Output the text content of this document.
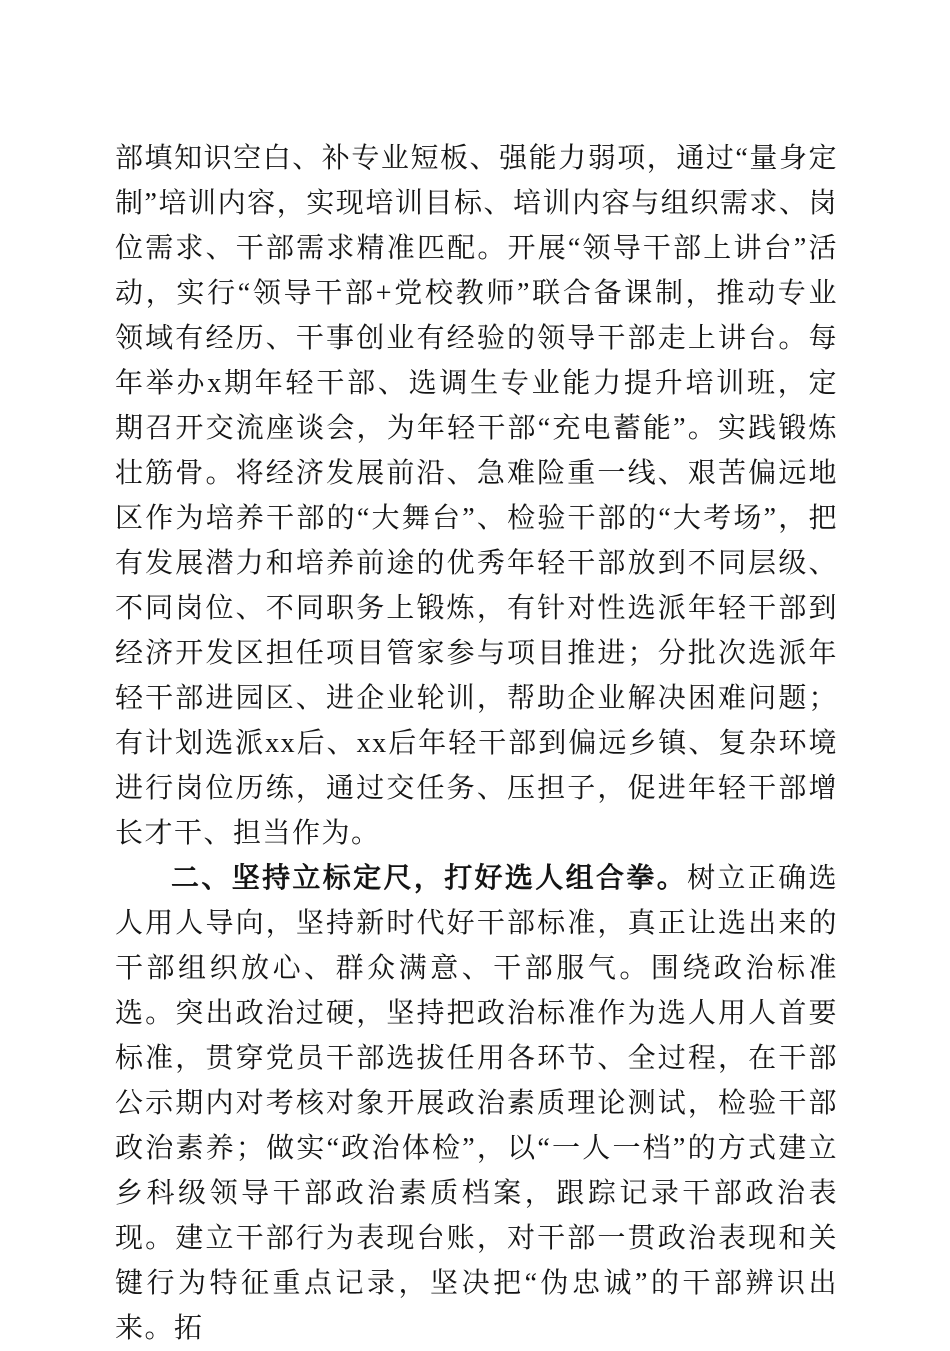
部填知识空白、补专业短板、强能力弱项，通过“量身定制”培训内容，实现培训目标、培训内容与组织需求、岗位需求、干部需求精准匹配。开展“领导干部上讲台”活动，实行“领导干部+党校教师”联合备课制，推动专业领域有经历、干事创业有经验的领导干部走上讲台。每年举办x期年轻干部、选调生专业能力提升培训班，定期召开交流座谈会，为年轻干部“充电蓄能”。实践锻炼壮筋骨。将经济发展前沿、急难险重一线、艰苦偏远地区作为培养干部的“大舞台”、检验干部的“大考场”，把有发展潜力和培养前途的优秀年轻干部放到不同层级、不同岗位、不同职务上锻炼，有针对性选派年轻干部到经济开发区担任项目管家参与项目推进；分批次选派年轻干部进园区、进企业轮训，帮助企业解决困难问题；有计划选派xx后、xx后年轻干部到偏远乡镇、复杂环境进行岗位历练，通过交任务、压担子，促进年轻干部增长才干、担当作为。

二、坚持立标定尺，打好选人组合拳。树立正确选人用人导向，坚持新时代好干部标准，真正让选出来的干部组织放心、群众满意、干部服气。围绕政治标准选。突出政治过硬，坚持把政治标准作为选人用人首要标准，贯穿党员干部选拔任用各环节、全过程，在干部公示期内对考核对象开展政治素质理论测试，检验干部政治素养；做实“政治体检”，以“一人一档”的方式建立乡科级领导干部政治素质档案，跟踪记录干部政治表现。建立干部行为表现台账，对干部一贯政治表现和关键行为特征重点记录，坚决把“伪忠诚”的干部辨识出来。拓
